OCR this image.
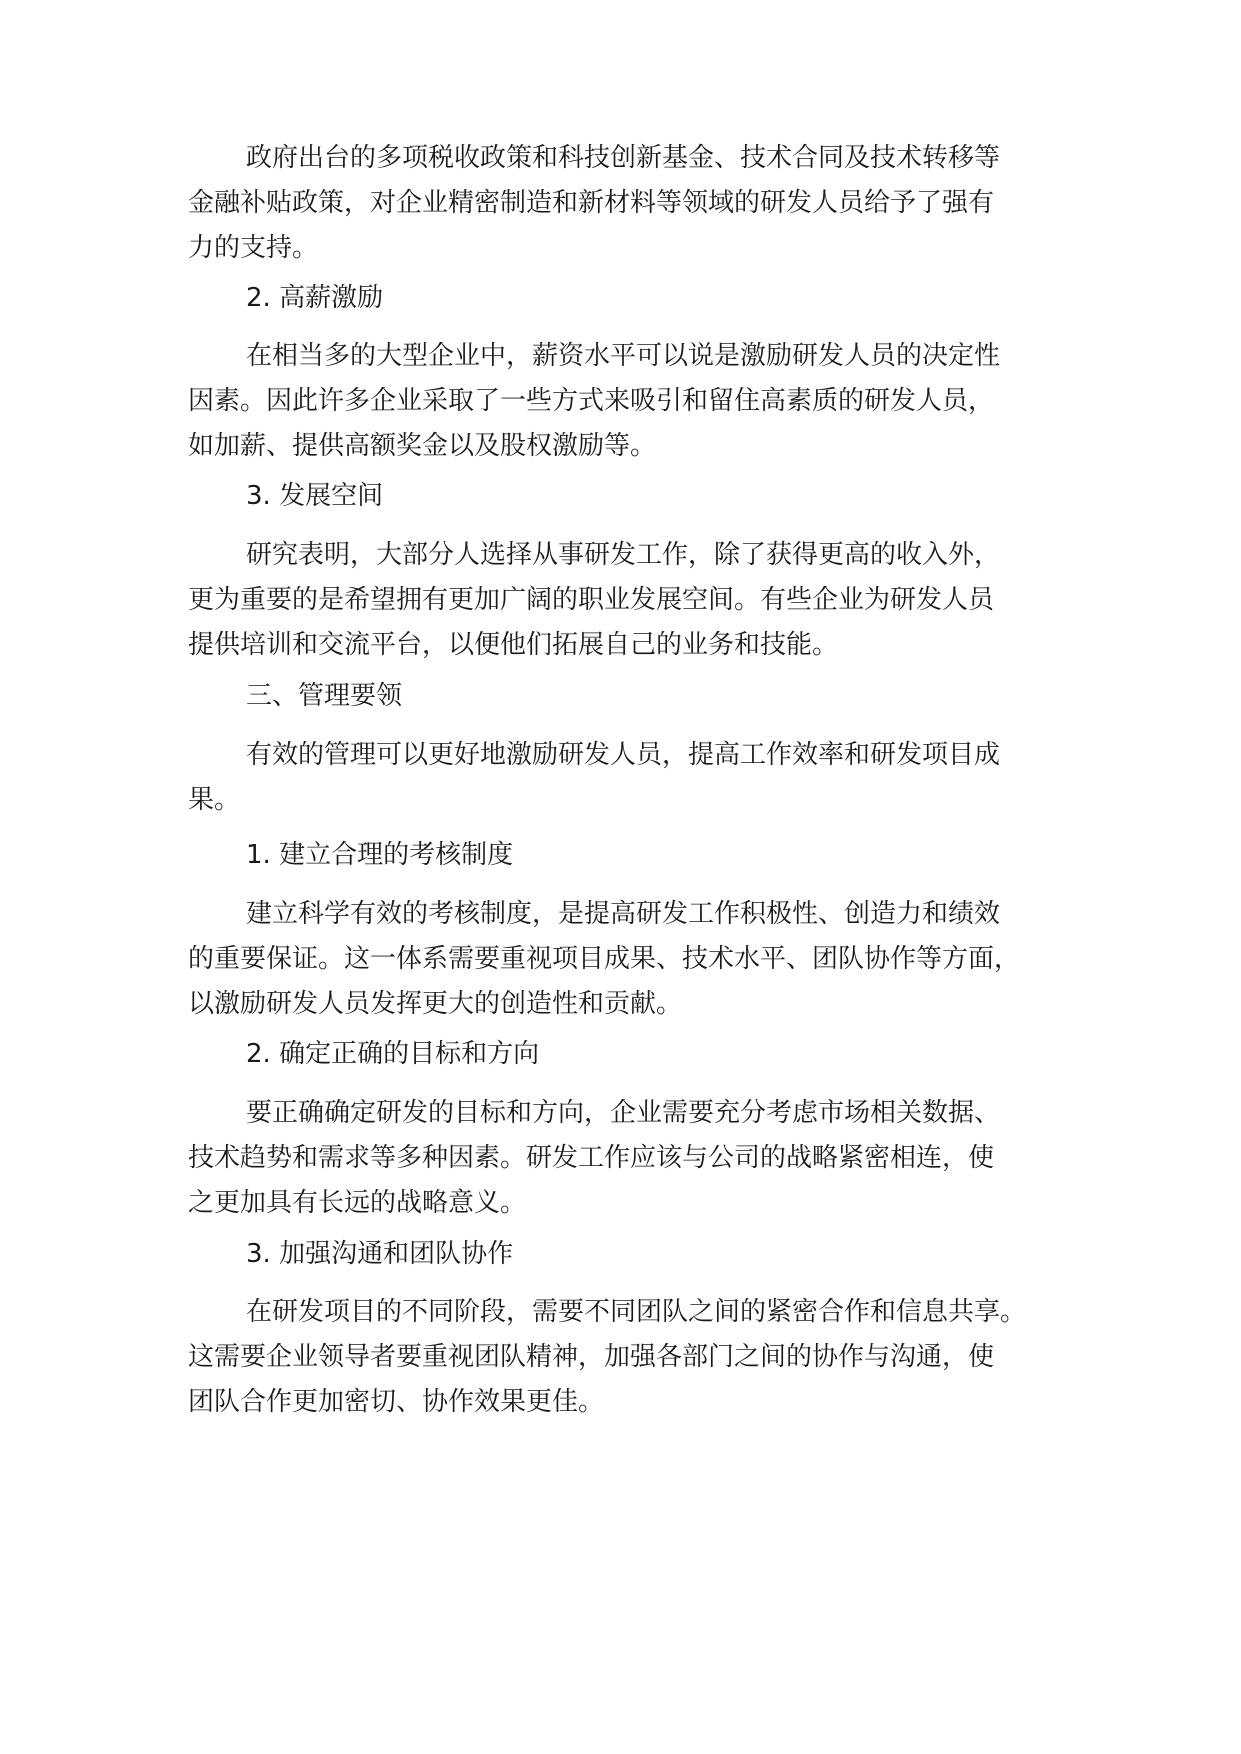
政府出台的多项税收政策和科技创新基金、技术合同及技术转移等
金融补贴政策，对企业精密制造和新材料等领域的研发人员给予了强有
力的支持。
2. 高薪激励
在相当多的大型企业中，薪资水平可以说是激励研发人员的决定性
因素。因此许多企业采取了一些方式来吸引和留住高素质的研发人员，
如加薪、提供高额奖金以及股权激励等。
3. 发展空间
研究表明，大部分人选择从事研发工作，除了获得更高的收入外，
更为重要的是希望拥有更加广阔的职业发展空间。有些企业为研发人员
提供培训和交流平台，以便他们拓展自己的业务和技能。
三、管理要领
有效的管理可以更好地激励研发人员，提高工作效率和研发项目成
果。
1. 建立合理的考核制度
建立科学有效的考核制度，是提高研发工作积极性、创造力和绩效
的重要保证。这一体系需要重视项目成果、技术水平、团队协作等方面，
以激励研发人员发挥更大的创造性和贡献。
2. 确定正确的目标和方向
要正确确定研发的目标和方向，企业需要充分考虑市场相关数据、
技术趋势和需求等多种因素。研发工作应该与公司的战略紧密相连，使
之更加具有长远的战略意义。
3. 加强沟通和团队协作
在研发项目的不同阶段，需要不同团队之间的紧密合作和信息共享。
这需要企业领导者要重视团队精神，加强各部门之间的协作与沟通，使
团队合作更加密切、协作效果更佳。
